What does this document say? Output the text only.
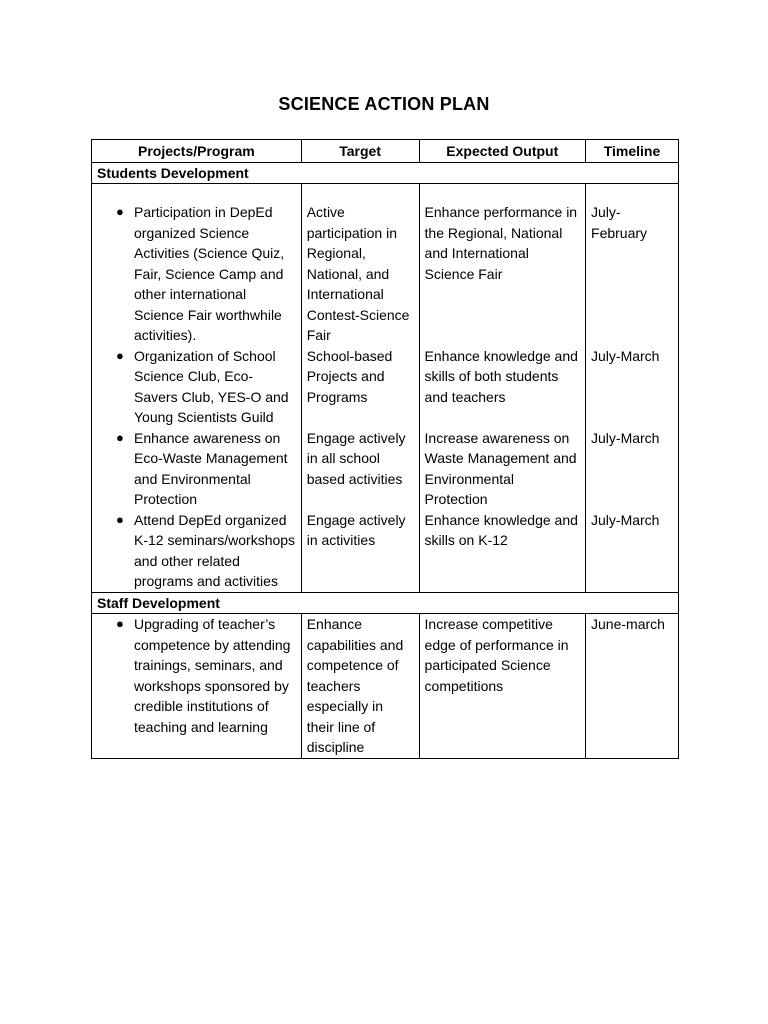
SCIENCE ACTION PLAN
Projects/Program	Target	Expected Output	Timeline
Students Development			

● Participation in DepEd organized Science Activities (Science Quiz, Fair, Science Camp and other international Science Fair worthwhile activities).	Active participation in Regional, National, and International Contest-Science Fair	Enhance performance in the Regional, National and International Science Fair	July-February

● Organization of School Science Club, Eco-Savers Club, YES-O and Young Scientists Guild	School-based Projects and Programs	Enhance knowledge and skills of both students and teachers	July-March

● Enhance awareness on Eco-Waste Management and Environmental Protection	Engage actively in all school based activities	Increase awareness on Waste Management and Environmental Protection	July-March

● Attend DepEd organized K-12 seminars/workshops and other related programs and activities	Engage actively in activities	Enhance knowledge and skills on K-12	July-March
Staff Development			

● Upgrading of teacher’s competence by attending trainings, seminars, and workshops sponsored by credible institutions of teaching and learning	Enhance capabilities and competence of teachers especially in their line of discipline	Increase competitive edge of performance in participated Science competitions	June-march
